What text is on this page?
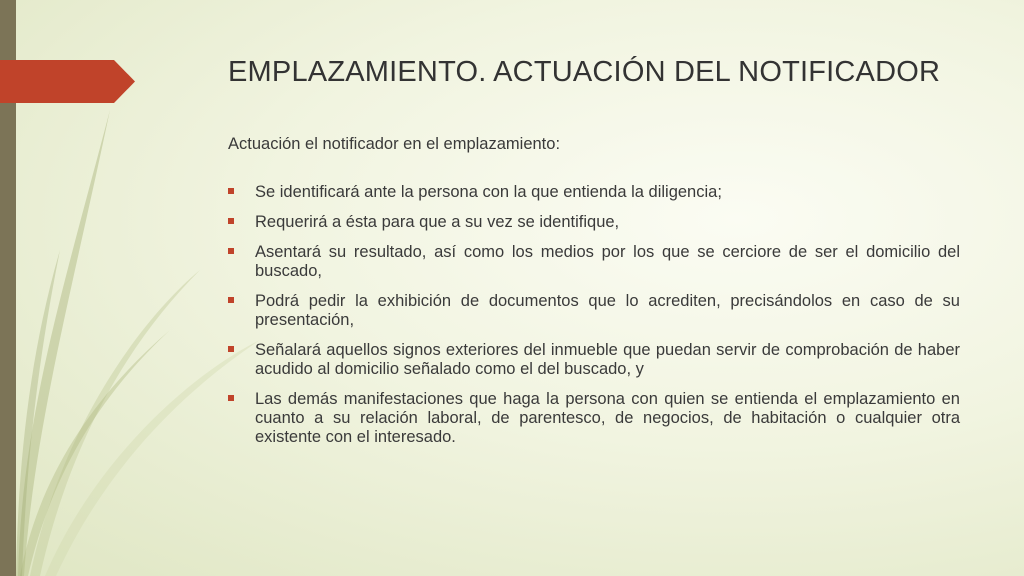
EMPLAZAMIENTO. ACTUACIÓN DEL NOTIFICADOR

Actuación el notificador en el emplazamiento:

Se identificará ante la persona con la que entienda la diligencia;
Requerirá a ésta para que a su vez se identifique,
Asentará su resultado, así como los medios por los que se cerciore de ser el domicilio del buscado,
Podrá pedir la exhibición de documentos que lo acrediten, precisándolos en caso de su presentación,
Señalará aquellos signos exteriores del inmueble que puedan servir de comprobación de haber acudido al domicilio señalado como el del buscado, y
Las demás manifestaciones que haga la persona con quien se entienda el emplazamiento en cuanto a su relación laboral, de parentesco, de negocios, de habitación o cualquier otra existente con el interesado.
